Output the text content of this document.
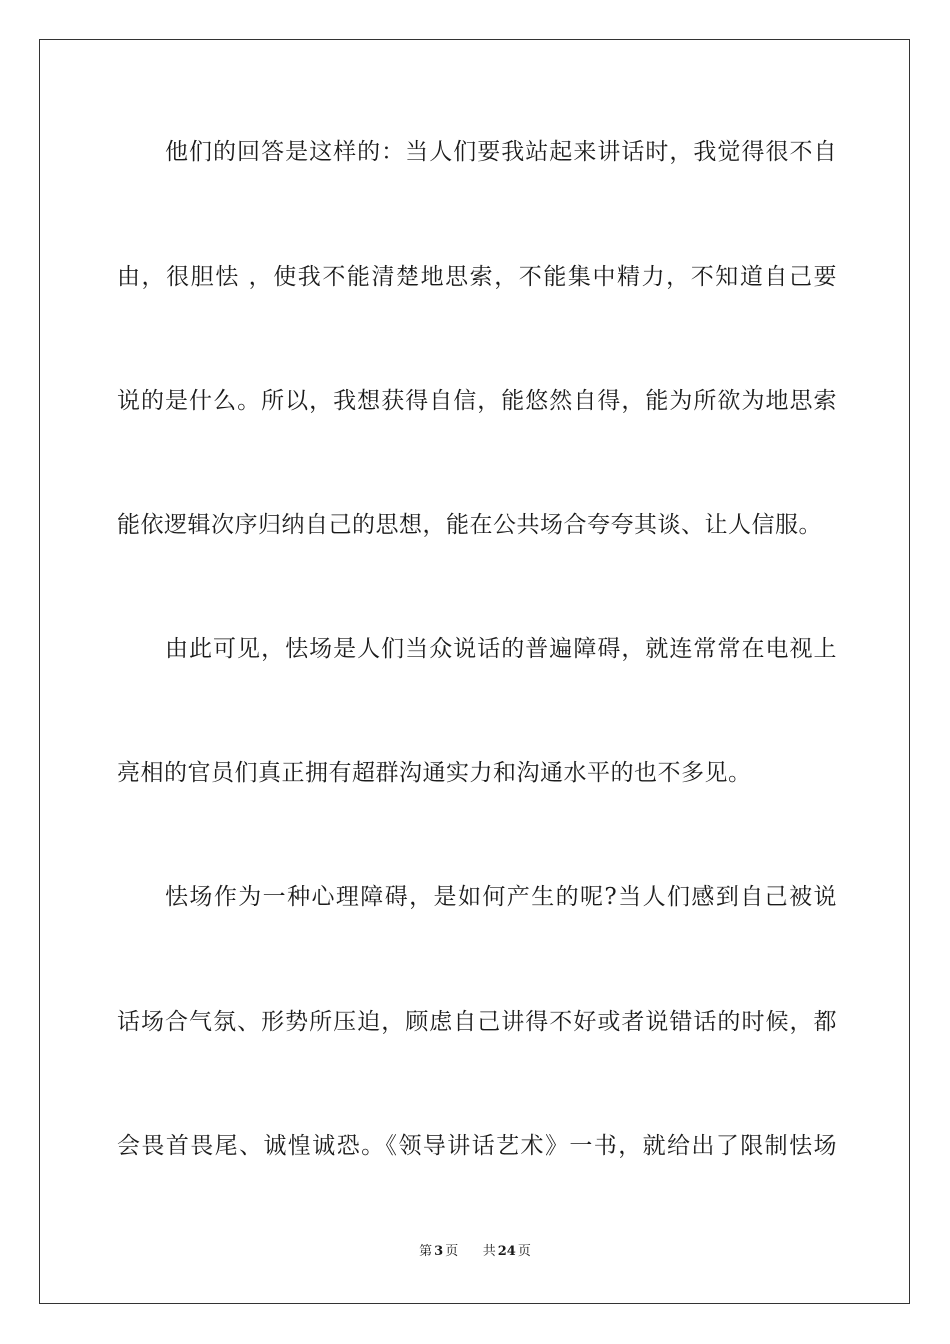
他们的回答是这样的：当人们要我站起来讲话时，我觉得很不自
由，很胆怯 ，使我不能清楚地思索，不能集中精力，不知道自己要
说的是什么。所以，我想获得自信，能悠然自得，能为所欲为地思索
能依逻辑次序归纳自己的思想，能在公共场合夸夸其谈、让人信服。
由此可见，怯场是人们当众说话的普遍障碍，就连常常在电视上
亮相的官员们真正拥有超群沟通实力和沟通水平的也不多见。
怯场作为一种心理障碍，是如何产生的呢?当人们感到自己被说
话场合气氛、形势所压迫，顾虑自己讲得不好或者说错话的时候，都
会畏首畏尾、诚惶诚恐。《领导讲话艺术》一书，就给出了限制怯场
第 3 页 共 24 页
